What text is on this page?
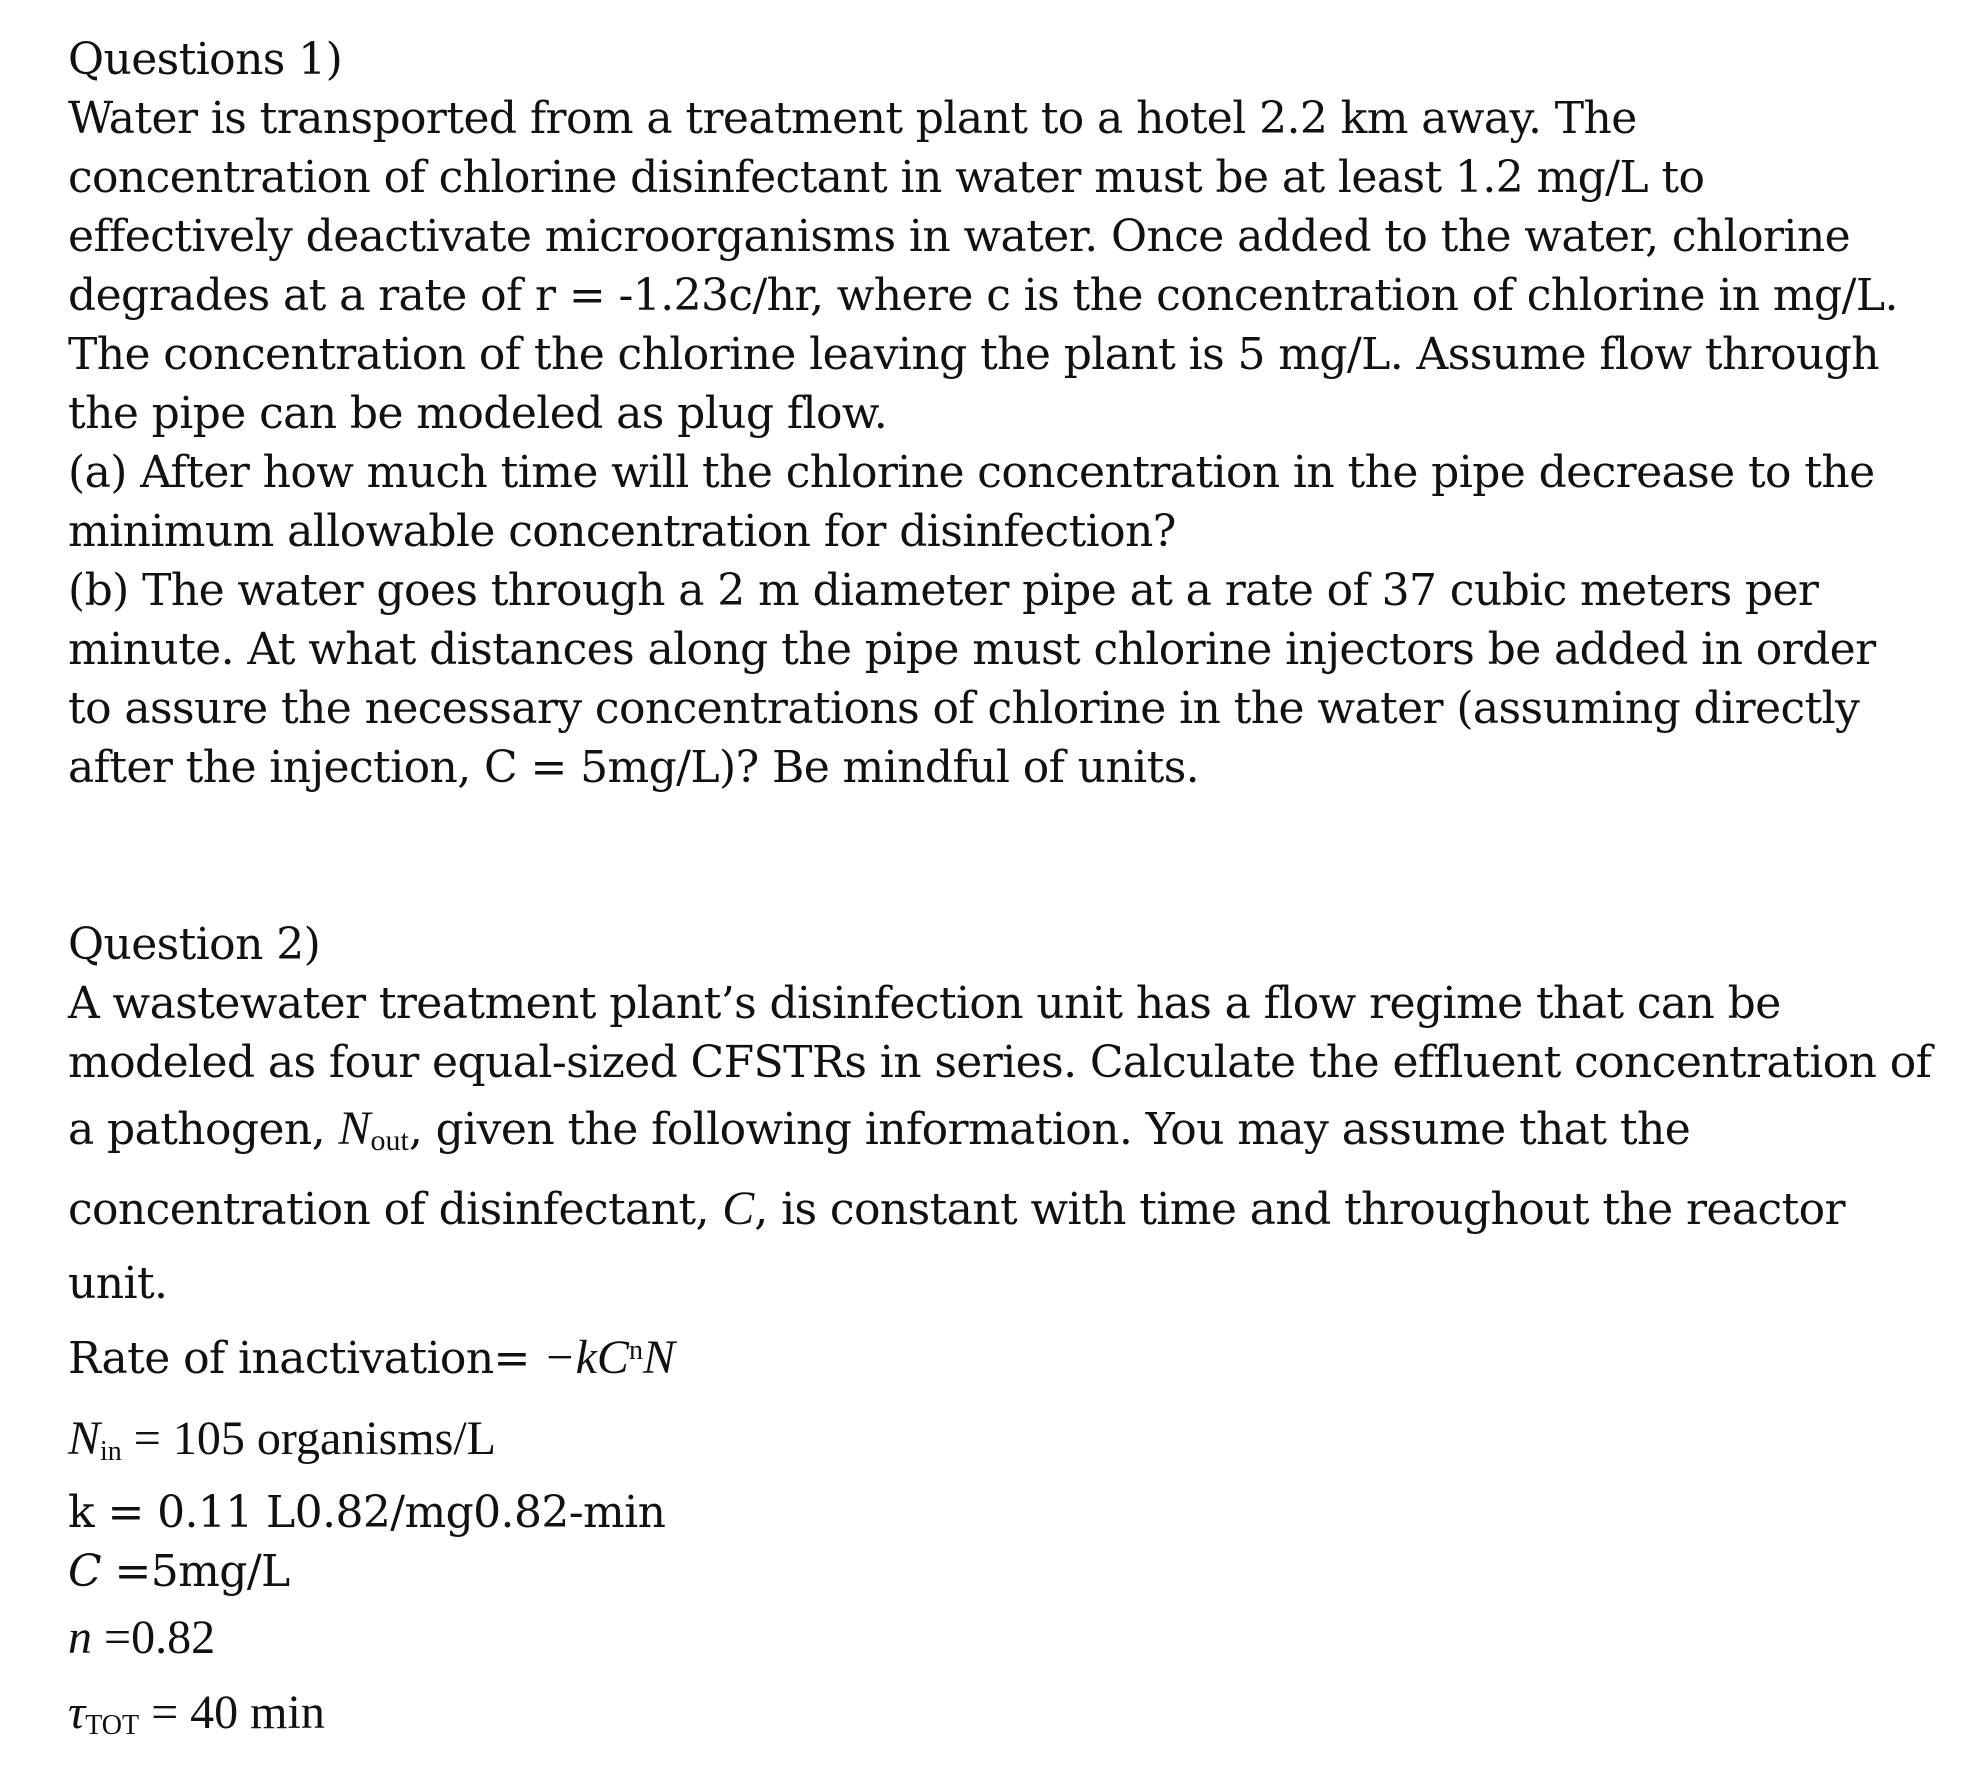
Questions 1)
Water is transported from a treatment plant to a hotel 2.2 km away. The
concentration of chlorine disinfectant in water must be at least 1.2 mg/L to
effectively deactivate microorganisms in water. Once added to the water, chlorine
degrades at a rate of r = -1.23c/hr, where c is the concentration of chlorine in mg/L.
The concentration of the chlorine leaving the plant is 5 mg/L. Assume flow through
the pipe can be modeled as plug flow.
(a) After how much time will the chlorine concentration in the pipe decrease to the
minimum allowable concentration for disinfection?
(b) The water goes through a 2 m diameter pipe at a rate of 37 cubic meters per
minute. At what distances along the pipe must chlorine injectors be added in order
to assure the necessary concentrations of chlorine in the water (assuming directly
after the injection, C = 5mg/L)? Be mindful of units.
Question 2)
A wastewater treatment plant’s disinfection unit has a flow regime that can be
modeled as four equal-sized CFSTRs in series. Calculate the effluent concentration of
a pathogen, Nout, given the following information. You may assume that the
concentration of disinfectant, C, is constant with time and throughout the reactor
unit.
Rate of inactivation= $-kC^nN$
Nin = 105 organisms/L
k = 0.11 L0.82/mg0.82-min
C =5mg/L
n =0.82
τTOT = 40 min
